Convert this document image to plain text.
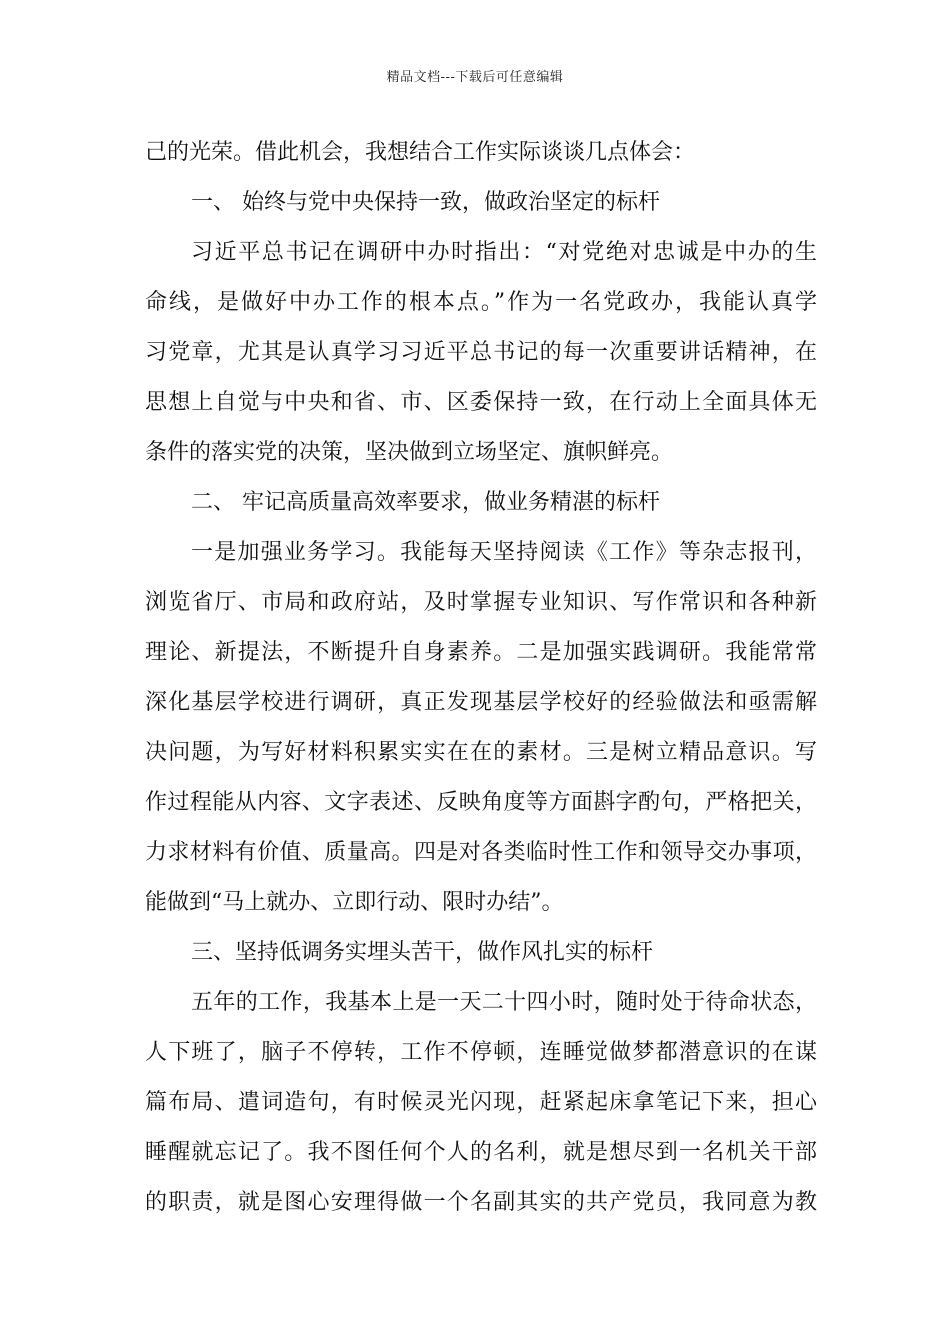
精品文档---下载后可任意编辑
己的光荣。借此机会，我想结合工作实际谈谈几点体会：
一、 始终与党中央保持一致，做政治坚定的标杆
习近平总书记在调研中办时指出：“对党绝对忠诚是中办的生
命线，是做好中办工作的根本点。”作为一名党政办，我能认真学
习党章，尤其是认真学习习近平总书记的每一次重要讲话精神，在
思想上自觉与中央和省、市、区委保持一致，在行动上全面具体无
条件的落实党的决策，坚决做到立场坚定、旗帜鲜亮。
二、 牢记高质量高效率要求，做业务精湛的标杆
一是加强业务学习。我能每天坚持阅读《工作》等杂志报刊，
浏览省厅、市局和政府站，及时掌握专业知识、写作常识和各种新
理论、新提法，不断提升自身素养。二是加强实践调研。我能常常
深化基层学校进行调研，真正发现基层学校好的经验做法和亟需解
决问题，为写好材料积累实实在在的素材。三是树立精品意识。写
作过程能从内容、文字表述、反映角度等方面斟字酌句，严格把关，
力求材料有价值、质量高。四是对各类临时性工作和领导交办事项，
能做到“马上就办、立即行动、限时办结”。
三、坚持低调务实埋头苦干，做作风扎实的标杆
五年的工作，我基本上是一天二十四小时，随时处于待命状态，
人下班了，脑子不停转，工作不停顿，连睡觉做梦都潜意识的在谋
篇布局、遣词造句，有时候灵光闪现，赶紧起床拿笔记下来，担心
睡醒就忘记了。我不图任何个人的名利，就是想尽到一名机关干部
的职责，就是图心安理得做一个名副其实的共产党员，我同意为教
